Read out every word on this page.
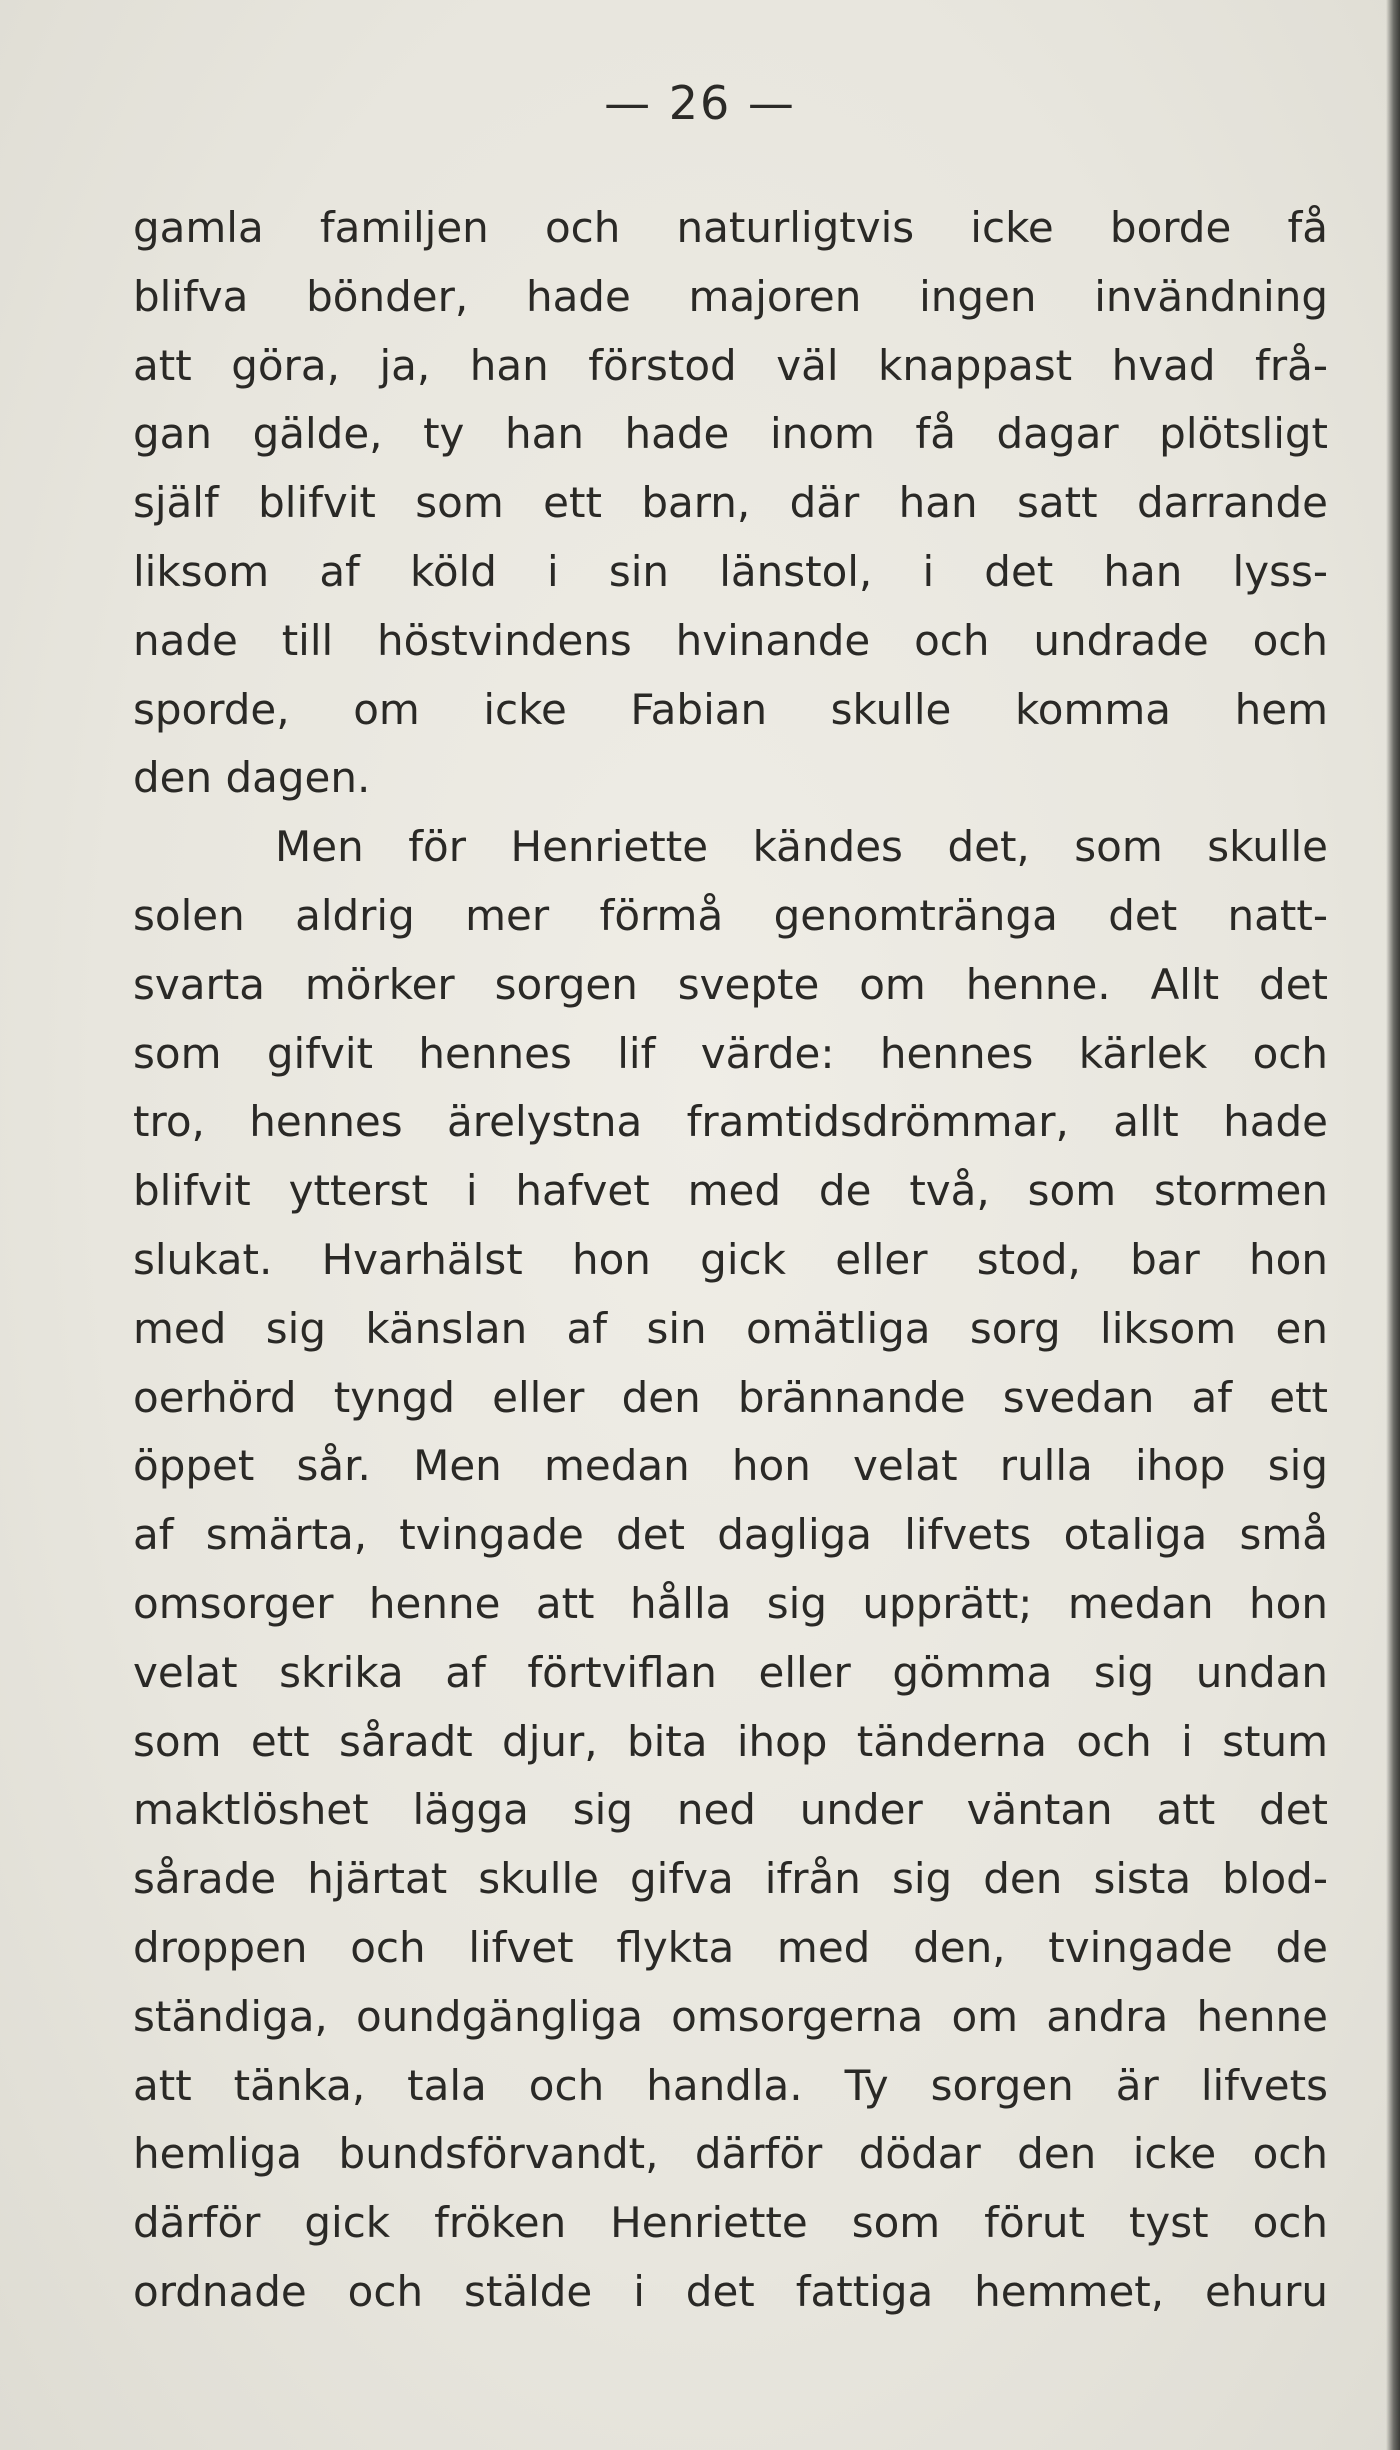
— 26 —
gamla familjen och naturligtvis icke borde få
blifva bönder, hade majoren ingen invändning
att göra, ja, han förstod väl knappast hvad frå-
gan gälde, ty han hade inom få dagar plötsligt
själf blifvit som ett barn, där han satt darrande
liksom af köld i sin länstol, i det han lyss-
nade till höstvindens hvinande och undrade och
sporde, om icke Fabian skulle komma hem
den dagen.
Men för Henriette kändes det, som skulle
solen aldrig mer förmå genomtränga det natt-
svarta mörker sorgen svepte om henne. Allt det
som gifvit hennes lif värde: hennes kärlek och
tro, hennes ärelystna framtidsdrömmar, allt hade
blifvit ytterst i hafvet med de två, som stormen
slukat. Hvarhälst hon gick eller stod, bar hon
med sig känslan af sin omätliga sorg liksom en
oerhörd tyngd eller den brännande svedan af ett
öppet sår. Men medan hon velat rulla ihop sig
af smärta, tvingade det dagliga lifvets otaliga små
omsorger henne att hålla sig upprätt; medan hon
velat skrika af förtviflan eller gömma sig undan
som ett såradt djur, bita ihop tänderna och i stum
maktlöshet lägga sig ned under väntan att det
sårade hjärtat skulle gifva ifrån sig den sista blod-
droppen och lifvet flykta med den, tvingade de
ständiga, oundgängliga omsorgerna om andra henne
att tänka, tala och handla. Ty sorgen är lifvets
hemliga bundsförvandt, därför dödar den icke och
därför gick fröken Henriette som förut tyst och
ordnade och stälde i det fattiga hemmet, ehuru
